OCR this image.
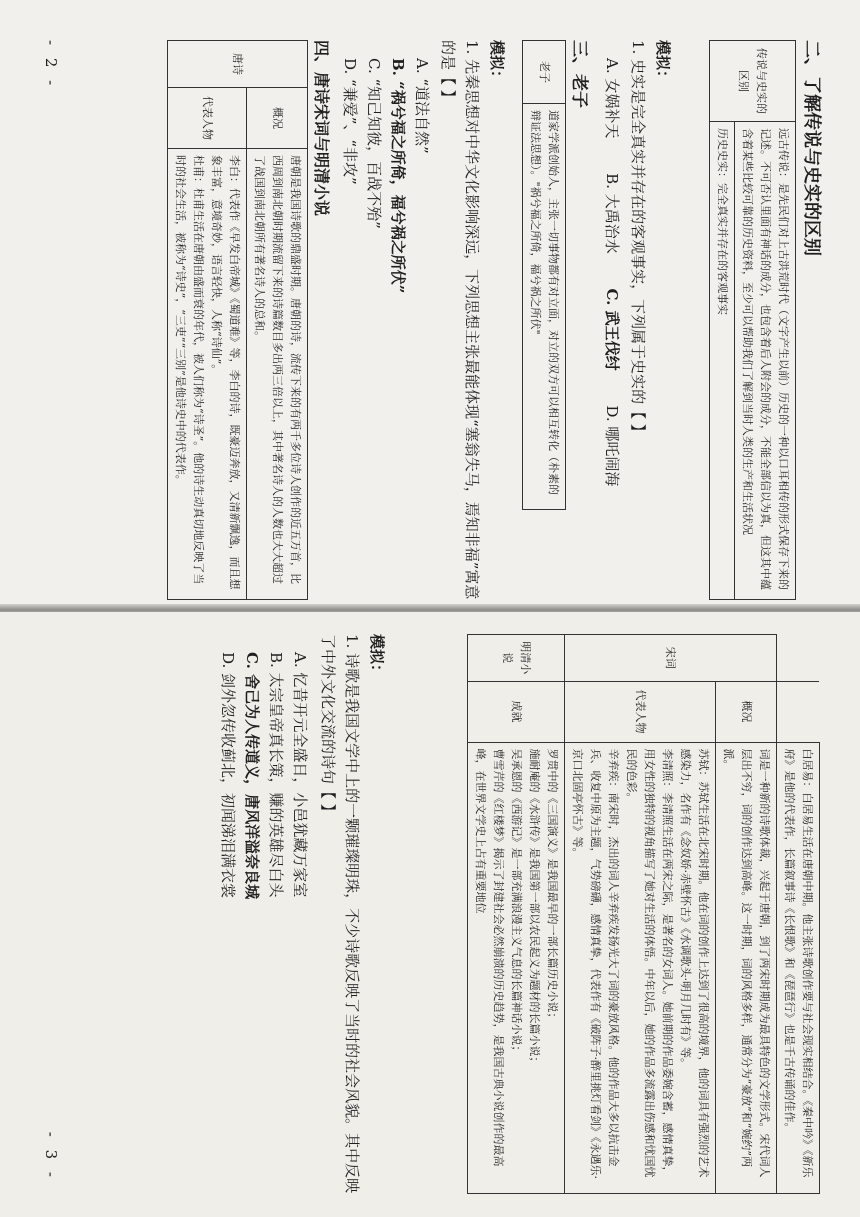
二、了解传说与史实的区别
传说与史实的区别	远古传说：是先民们对上古洪荒时代（文字产生以前）历史的一种以口耳相传的形式保存下来的记述。不可否认里面有神话的成分，也包含着后人附会的成分，不能全部信以为真，但这其中蕴含着某些比较可靠的历史资料，至少可以帮助我们了解到当时人类的生产和生活状况
历史史实：完全真实并存在的客观事实
模拟：
1. 史实是完全真实并存在的客观事实，下列属于史实的【 】
A. 女娲补天 B. 大禹治水 C. 武王伐纣 D. 哪吒闹海
三、老子
老子	道家学派创始人，主张一切事物都有对立面，对立的双方可以相互转化（朴素的辩证法思想）。"祸兮福之所倚，福兮祸之所伏"
模拟：
1. 先秦思想对中华文化影响深远，下列思想主张最能体现“塞翁失马，焉知非福”寓意的是【 】
A. “道法自然”
B. “祸兮福之所倚，福兮祸之所伏”
C. “知己知彼，百战不殆”
D. “兼爱”、“非攻”
四、唐诗宋词与明清小说
唐诗	概况	唐朝是我国诗歌的鼎盛时期。唐朝的诗，流传下来的有两千多位诗人创作的近五万首，比西周到南北朝时期流留下来的诗篇数目多出两三倍以上，其中著名诗人的人数也大大超过了战国到南北朝所有著名诗人的总和。
	代表人物	李白：代表作《早发白帝城》《蜀道难》等，李白的诗，既豪迈奔放，又清新飘逸，而且想象丰富，意境奇妙，语言轻快，人称“诗仙”。
杜甫：杜甫生活在唐朝由盛而衰的年代，被人们称为“诗圣”。他的诗生动真切地反映了当时的社会生活，被称为“诗史”，“三吏”“三别”是他诗史中的代表作。
- 2 -
		白居易：白居易生活在唐朝中期。他主张诗歌创作要与社会现实相结合。《秦中吟》《新乐府》是他的代表作，长篇叙事诗《长恨歌》和《琵琶行》也是千古传诵的佳作。
宋词	概况	词是一种新的诗歌体裁，兴起于唐朝，到了两宋时期成为最具特色的文学形式。宋代词人层出不穷，词的创作达到高峰。这一时期，词的风格多样，通常分为“豪放”和“婉约”两派。
	代表人物	苏轼：苏轼生活在北宋时期。他在词的创作上达到了很高的境界，他的词具有强烈的艺术感染力，名作有《念奴娇·赤壁怀古》《水调歌头·明月几时有》等。
李清照：李清照生活在两宋之际，是著名的女词人。她前期的作品委婉含蓄，感情真挚，用女性的独特的视角描写了她对生活的体悟。中年以后，她的作品多流露出伤感和忧国忧民的色彩。
辛弃疾：南宋时，杰出的词人辛弃疾发扬光大了词的豪放风格。他的作品大多以抗击金兵、收复中原为主题，气势磅礴，感情真挚，代表作有《破阵子·醉里挑灯看剑》《永遇乐·京口北固亭怀古》等。

明清小说	成就	罗贯中的《三国演义》是我国最早的一部长篇历史小说；
施耐庵的《水浒传》是我国第一部以农民起义为题材的长篇小说；
吴承恩的《西游记》是一部充满浪漫主义气息的长篇神话小说；
曹雪芹的《红楼梦》揭示了封建社会必然崩溃的历史趋势，是我国古典小说创作的最高峰，在世界文学史上占有重要地位
模拟：
1. 诗歌是我国文学中上的一颗璀璨明珠，不少诗歌反映了当时的社会风貌。其中反映了中外文化交流的诗句【 】
A. 忆昔开元全盛日，小邑犹藏万家室
B. 太宗皇帝真长策，赚的英雄尽白头
C. 舍己为人传道义，唐风洋溢奈良城
D. 剑外忽传收蓟北，初闻涕泪满衣裳
- 3 -
